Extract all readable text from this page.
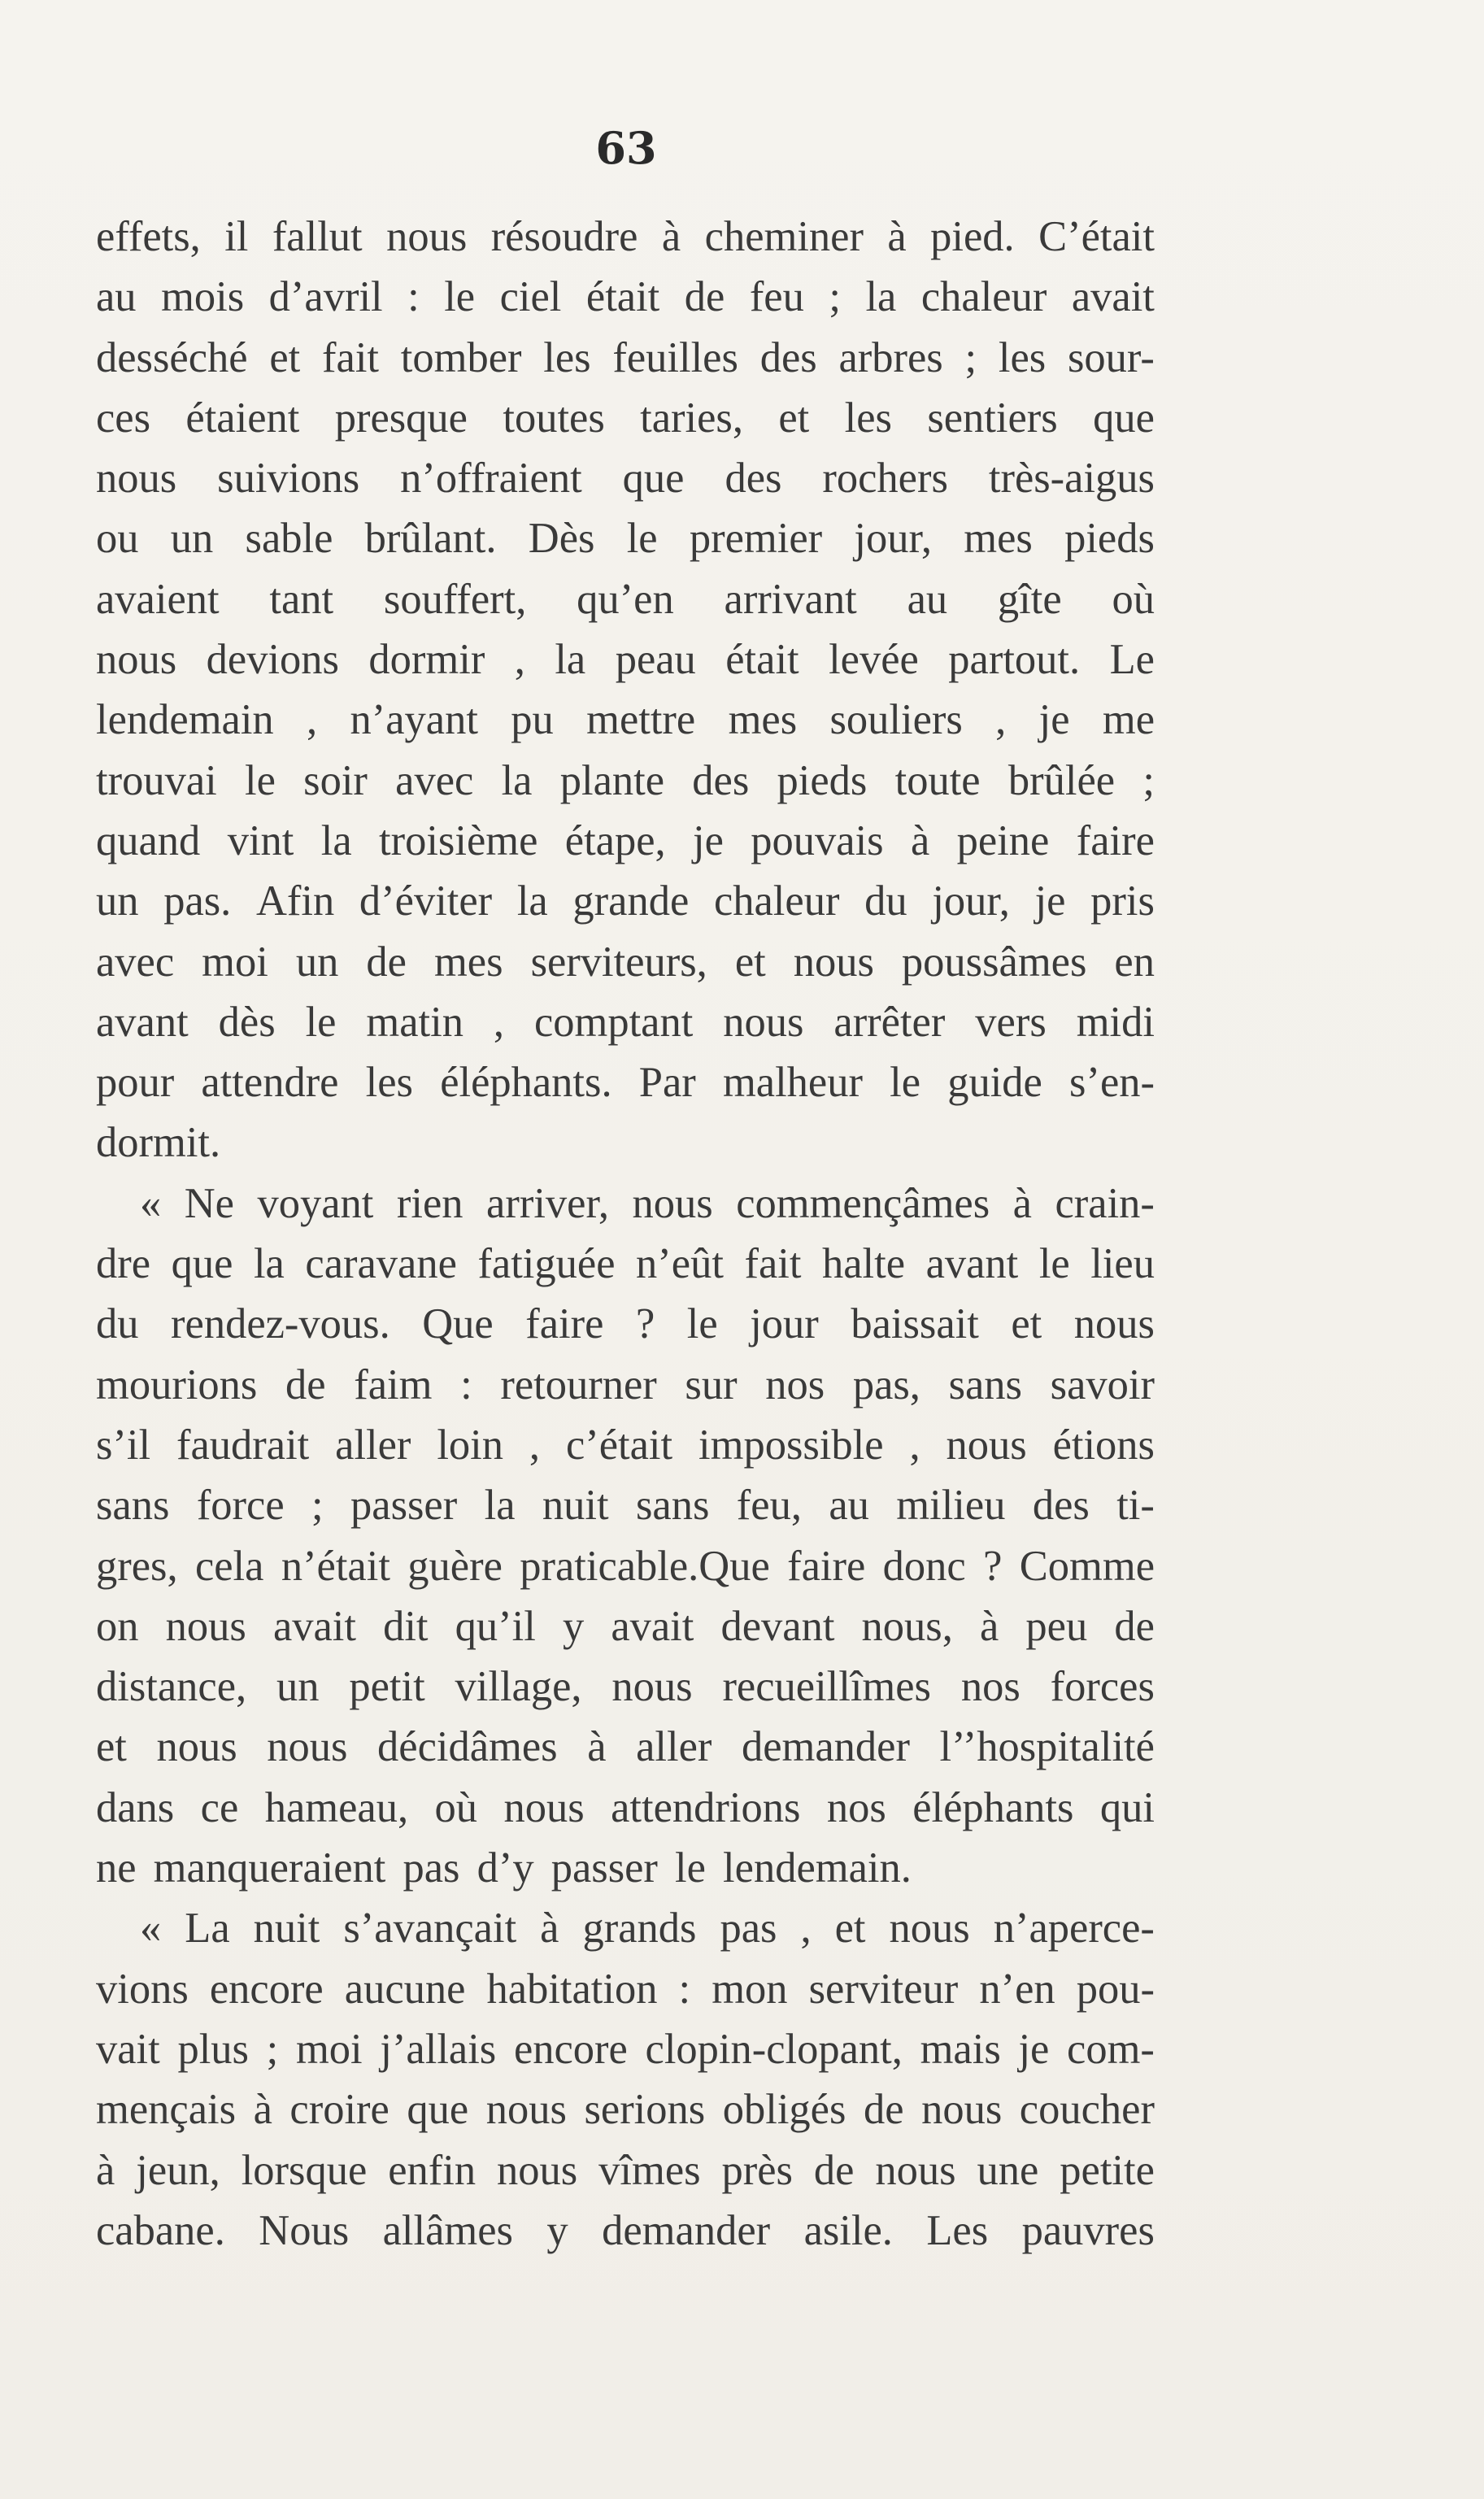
63
effets, il fallut nous résoudre à cheminer à pied. C’était
au mois d’avril : le ciel était de feu ; la chaleur avait
desséché et fait tomber les feuilles des arbres ; les sour-
ces étaient presque toutes taries, et les sentiers que
nous suivions n’offraient que des rochers très-aigus
ou un sable brûlant. Dès le premier jour, mes pieds
avaient tant souffert, qu’en arrivant au gîte où
nous devions dormir , la peau était levée partout. Le
lendemain , n’ayant pu mettre mes souliers , je me
trouvai le soir avec la plante des pieds toute brûlée ;
quand vint la troisième étape, je pouvais à peine faire
un pas. Afin d’éviter la grande chaleur du jour, je pris
avec moi un de mes serviteurs, et nous poussâmes en
avant dès le matin , comptant nous arrêter vers midi
pour attendre les éléphants. Par malheur le guide s’en-
dormit.
« Ne voyant rien arriver, nous commençâmes à crain-
dre que la caravane fatiguée n’eût fait halte avant le lieu
du rendez-vous. Que faire ? le jour baissait et nous
mourions de faim : retourner sur nos pas, sans savoir
s’il faudrait aller loin , c’était impossible , nous étions
sans force ; passer la nuit sans feu, au milieu des ti-
gres, cela n’était guère praticable.Que faire donc ? Comme
on nous avait dit qu’il y avait devant nous, à peu de
distance, un petit village, nous recueillîmes nos forces
et nous nous décidâmes à aller demander l’’hospitalité
dans ce hameau, où nous attendrions nos éléphants qui
ne manqueraient pas d’y passer le lendemain.
« La nuit s’avançait à grands pas , et nous n’aperce-
vions encore aucune habitation : mon serviteur n’en pou-
vait plus ; moi j’allais encore clopin-clopant, mais je com-
mençais à croire que nous serions obligés de nous coucher
à jeun, lorsque enfin nous vîmes près de nous une petite
cabane. Nous allâmes y demander asile. Les pauvres
